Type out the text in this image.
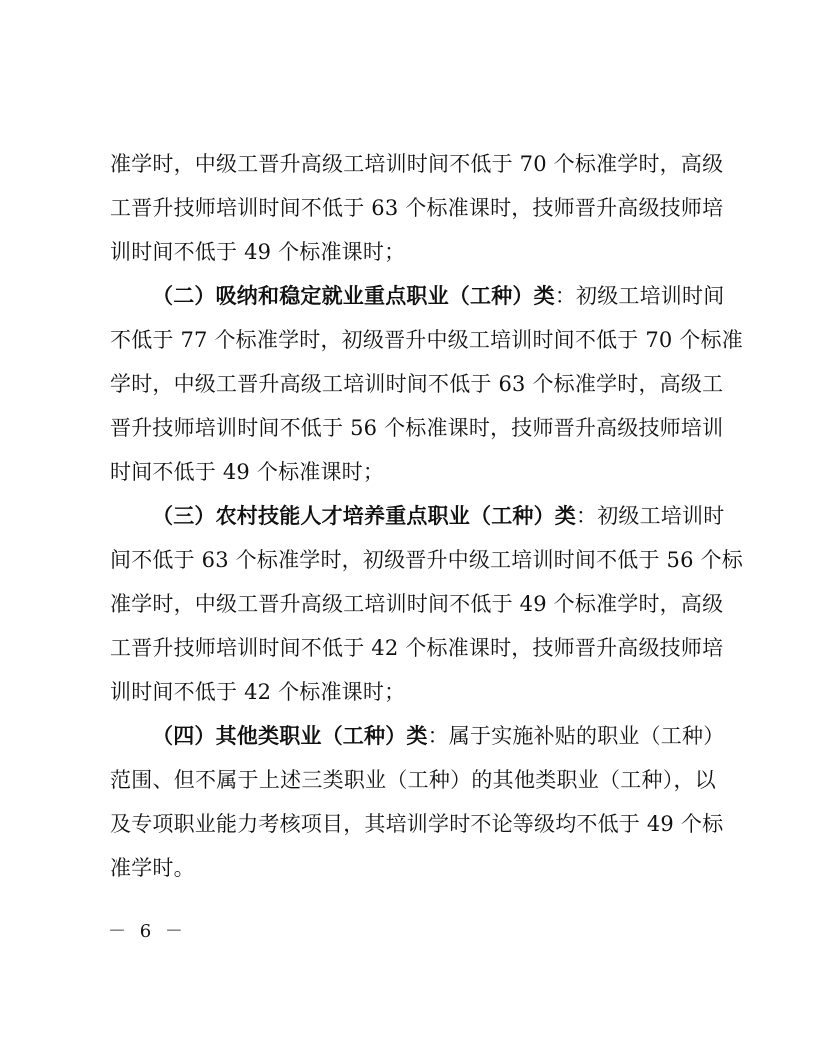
准学时，中级工晋升高级工培训时间不低于 70 个标准学时，高级
工晋升技师培训时间不低于 63 个标准课时，技师晋升高级技师培
训时间不低于 49 个标准课时；
（二）吸纳和稳定就业重点职业（工种）类：初级工培训时间
不低于 77 个标准学时，初级晋升中级工培训时间不低于 70 个标准
学时，中级工晋升高级工培训时间不低于 63 个标准学时，高级工
晋升技师培训时间不低于 56 个标准课时，技师晋升高级技师培训
时间不低于 49 个标准课时；
（三）农村技能人才培养重点职业（工种）类：初级工培训时
间不低于 63 个标准学时，初级晋升中级工培训时间不低于 56 个标
准学时，中级工晋升高级工培训时间不低于 49 个标准学时，高级
工晋升技师培训时间不低于 42 个标准课时，技师晋升高级技师培
训时间不低于 42 个标准课时；
（四）其他类职业（工种）类：属于实施补贴的职业（工种）
范围、但不属于上述三类职业（工种）的其他类职业（工种），以
及专项职业能力考核项目，其培训学时不论等级均不低于 49 个标
准学时。
－ 6 －
